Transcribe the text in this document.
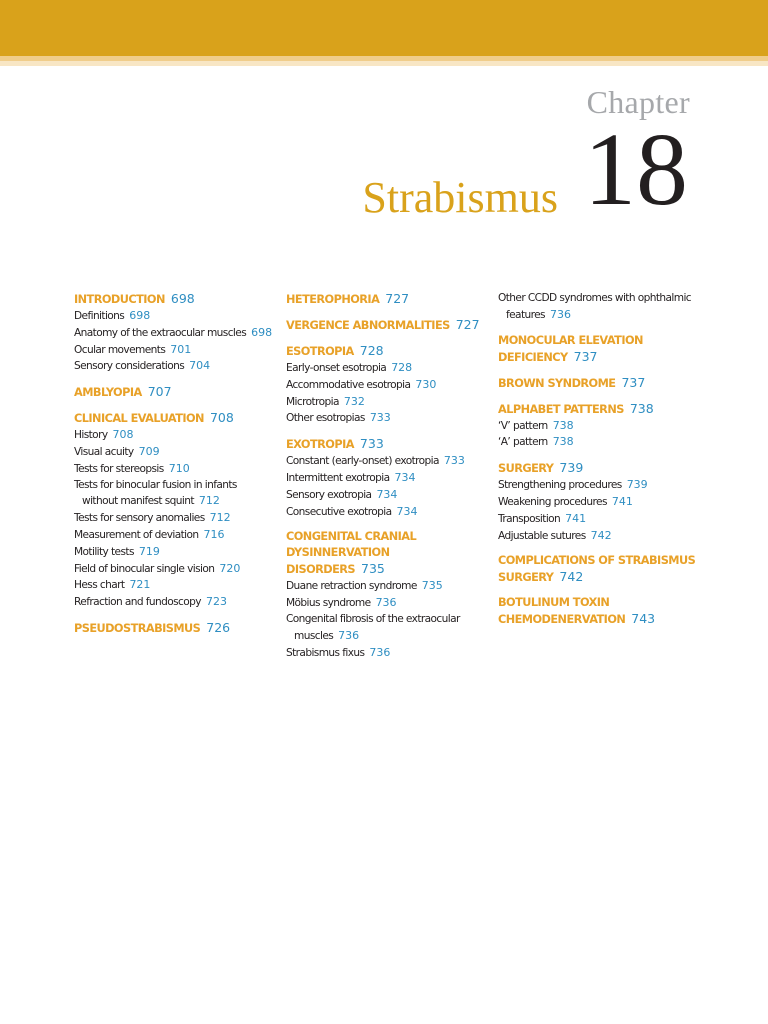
Chapter
18
Strabismus
INTRODUCTION 698
Definitions 698
Anatomy of the extraocular muscles 698
Ocular movements 701
Sensory considerations 704
AMBLYOPIA 707
CLINICAL EVALUATION 708
History 708
Visual acuity 709
Tests for stereopsis 710
Tests for binocular fusion in infants
without manifest squint 712
Tests for sensory anomalies 712
Measurement of deviation 716
Motility tests 719
Field of binocular single vision 720
Hess chart 721
Refraction and fundoscopy 723
PSEUDOSTRABISMUS 726
HETEROPHORIA 727
VERGENCE ABNORMALITIES 727
ESOTROPIA 728
Early-onset esotropia 728
Accommodative esotropia 730
Microtropia 732
Other esotropias 733
EXOTROPIA 733
Constant (early-onset) exotropia 733
Intermittent exotropia 734
Sensory exotropia 734
Consecutive exotropia 734
CONGENITAL CRANIAL
DYSINNERVATION DISORDERS 735
Duane retraction syndrome 735
Möbius syndrome 736
Congenital fibrosis of the extraocular
muscles 736
Strabismus fixus 736
Other CCDD syndromes with ophthalmic
features 736
MONOCULAR ELEVATION
DEFICIENCY 737
BROWN SYNDROME 737
ALPHABET PATTERNS 738
‘V’ pattern 738
‘A’ pattern 738
SURGERY 739
Strengthening procedures 739
Weakening procedures 741
Transposition 741
Adjustable sutures 742
COMPLICATIONS OF STRABISMUS
SURGERY 742
BOTULINUM TOXIN
CHEMODENERVATION 743
